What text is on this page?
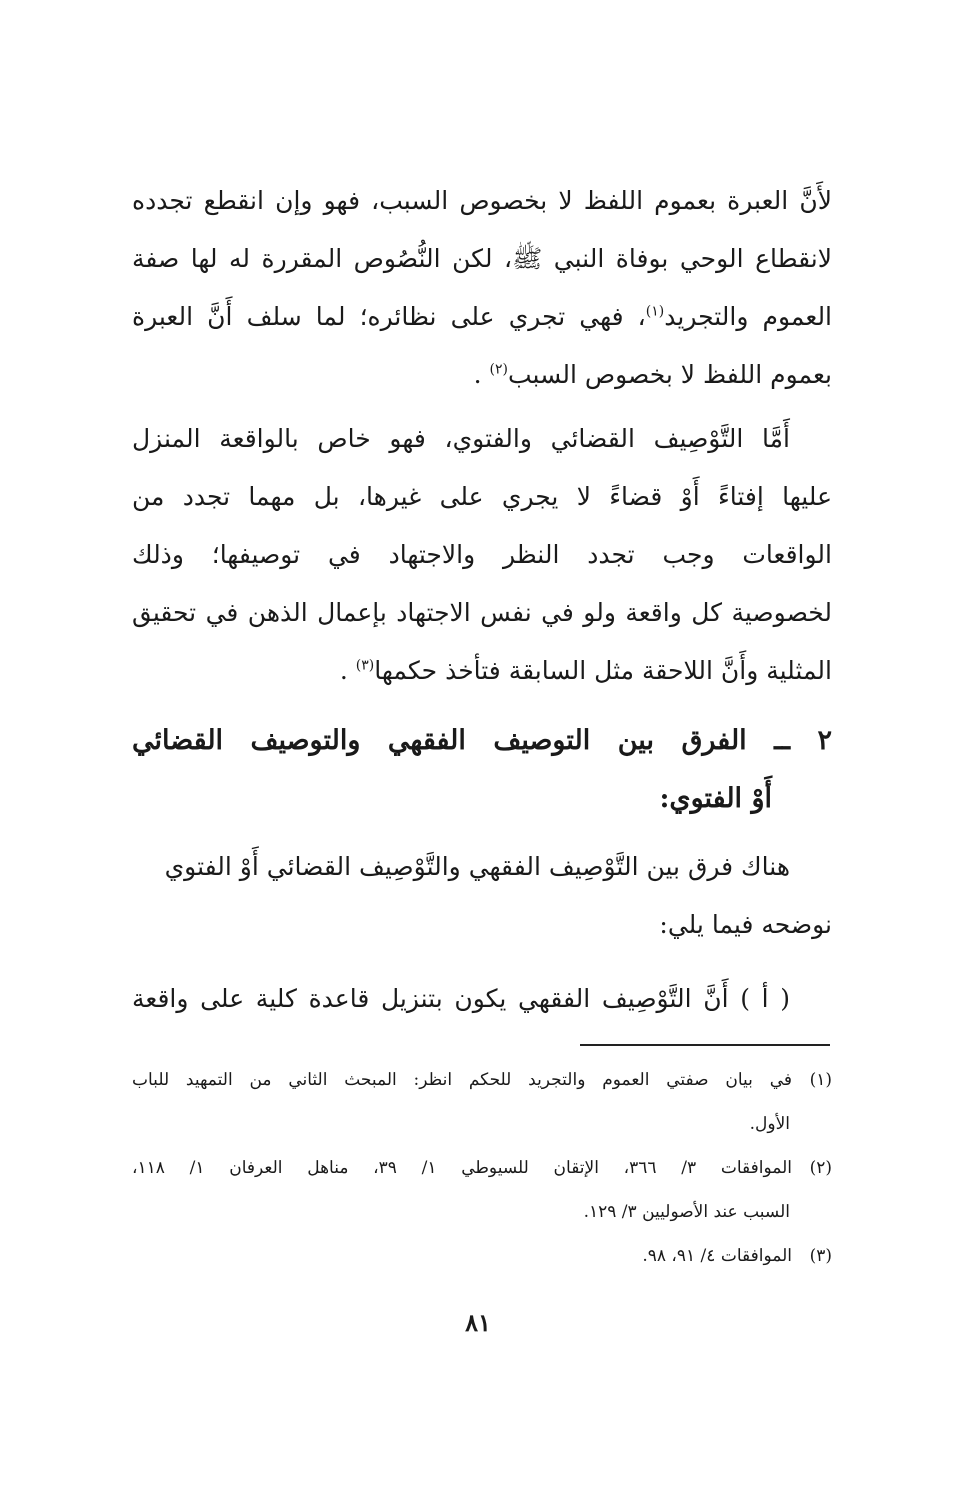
لأَنَّ العبرة بعموم اللفظ لا بخصوص السبب، فهو وإن انقطع تجدده
لانقطاع الوحي بوفاة النبي ﷺ، لكن النُّصُوص المقررة له لها صفة
العموم والتجريد$^{(١)}$، فهي تجري على نظائره؛ لما سلف أَنَّ العبرة
بعموم اللفظ لا بخصوص السبب$^{(٢)}$ .
أَمَّا التَّوْصِيف القضائي والفتوي، فهو خاص بالواقعة المنزل
عليها إفتاءً أَوْ قضاءً لا يجري على غيرها، بل مهما تجدد من
الواقعات وجب تجدد النظر والاجتهاد في توصيفها؛ وذلك
لخصوصية كل واقعة ولو في نفس الاجتهاد بإعمال الذهن في تحقيق
المثلية وأَنَّ اللاحقة مثل السابقة فتأخذ حكمها$^{(٣)}$ .
٢ ــ الفرق بين التوصيف الفقهي والتوصيف القضائي
أَوْ الفتوي:
هناك فرق بين التَّوْصِيف الفقهي والتَّوْصِيف القضائي أَوْ الفتوي
نوضحه فيما يلي:
( أ ) أَنَّ التَّوْصِيف الفقهي يكون بتنزيل قاعدة كلية على واقعة
(١)في بيان صفتي العموم والتجريد للحكم انظر: المبحث الثاني من التمهيد للباب
الأول.
(٢)الموافقات ٣/ ٣٦٦، الإتقان للسيوطي ١/ ٣٩، مناهل العرفان ١/ ١١٨،
السبب عند الأصوليين ٣/ ١٢٩.
(٣)الموافقات ٤/ ٩١، ٩٨.
٨١
